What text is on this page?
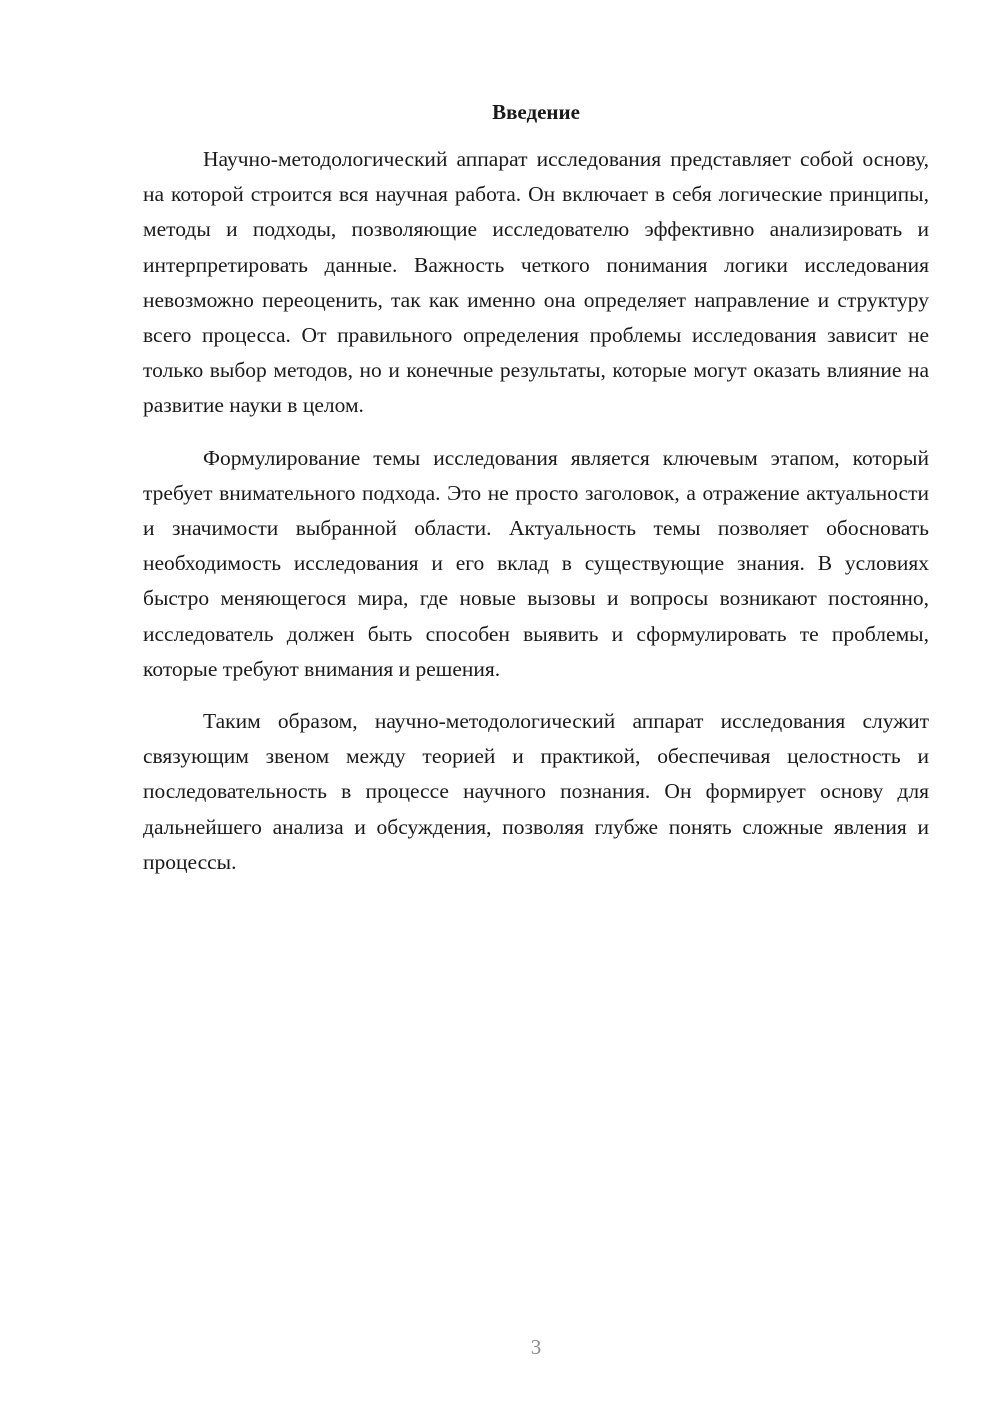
Введение

Научно-методологический аппарат исследования представляет собой основу, на которой строится вся научная работа. Он включает в себя логические принципы, методы и подходы, позволяющие исследователю эффективно анализировать и интерпретировать данные. Важность четкого понимания логики исследования невозможно переоценить, так как именно она определяет направление и структуру всего процесса. От правильного определения проблемы исследования зависит не только выбор методов, но и конечные результаты, которые могут оказать влияние на развитие науки в целом.

Формулирование темы исследования является ключевым этапом, который требует внимательного подхода. Это не просто заголовок, а отражение актуальности и значимости выбранной области. Актуальность темы позволяет обосновать необходимость исследования и его вклад в существующие знания. В условиях быстро меняющегося мира, где новые вызовы и вопросы возникают постоянно, исследователь должен быть способен выявить и сформулировать те проблемы, которые требуют внимания и решения.

Таким образом, научно-методологический аппарат исследования служит связующим звеном между теорией и практикой, обеспечивая целостность и последовательность в процессе научного познания. Он формирует основу для дальнейшего анализа и обсуждения, позволяя глубже понять сложные явления и процессы.

3
